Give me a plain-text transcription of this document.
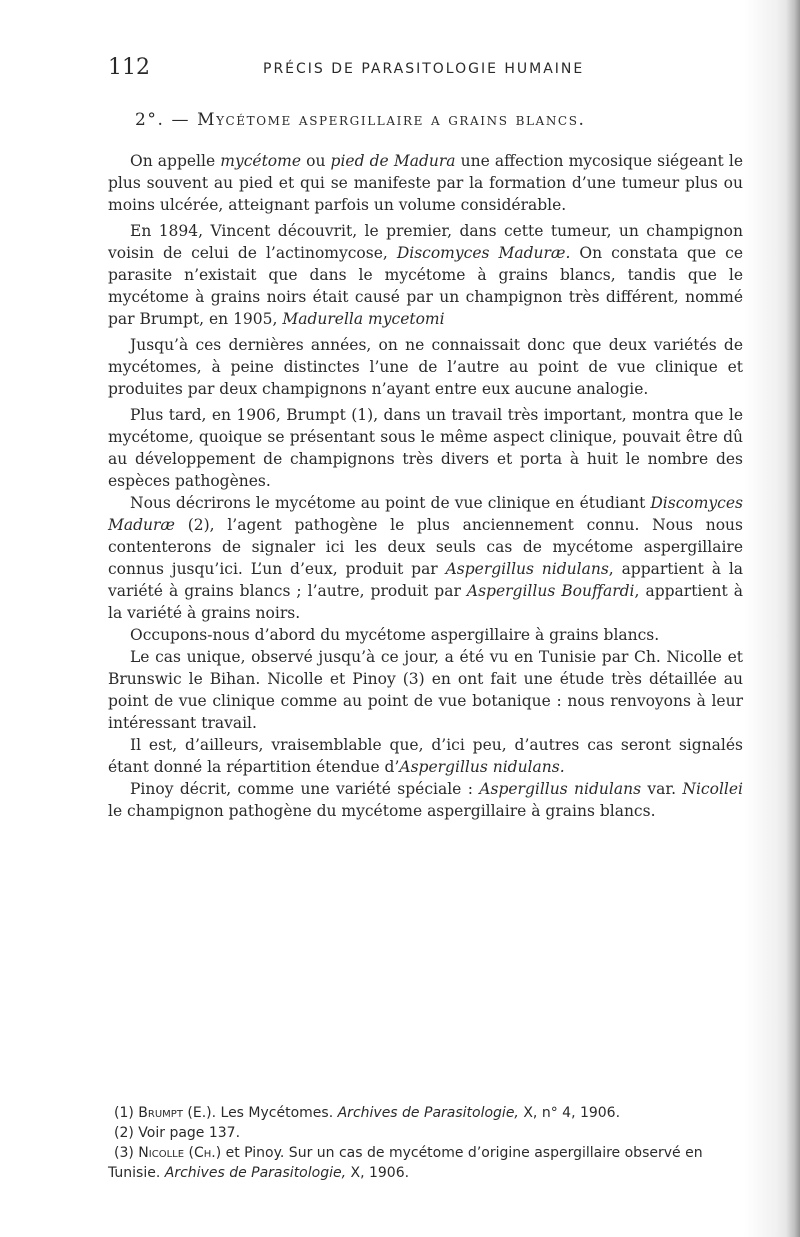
112	PRÉCIS DE PARASITOLOGIE HUMAINE
2°. — Mycétome aspergillaire a grains blancs.

On appelle mycétome ou pied de Madura une affection mycosique siégeant le plus souvent au pied et qui se manifeste par la formation d’une tumeur plus ou moins ulcérée, atteignant parfois un volume considérable.

En 1894, Vincent découvrit, le premier, dans cette tumeur, un champignon voisin de celui de l’actinomycose, Discomyces Maduræ. On constata que ce parasite n’existait que dans le mycétome à grains blancs, tandis que le mycétome à grains noirs était causé par un champignon très différent, nommé par Brumpt, en 1905, Madurella mycetomi

Jusqu’à ces dernières années, on ne connaissait donc que deux variétés de mycétomes, à peine distinctes l’une de l’autre au point de vue clinique et produites par deux champignons n’ayant entre eux aucune analogie.

Plus tard, en 1906, Brumpt (1), dans un travail très important, montra que le mycétome, quoique se présentant sous le même aspect clinique, pouvait être dû au développement de champignons très divers et porta à huit le nombre des espèces pathogènes.

Nous décrirons le mycétome au point de vue clinique en étudiant Discomyces Maduræ (2), l’agent pathogène le plus anciennement connu. Nous nous contenterons de signaler ici les deux seuls cas de mycétome aspergillaire connus jusqu’ici. L’un d’eux, produit par Aspergillus nidulans, appartient à la variété à grains blancs ; l’autre, produit par Aspergillus Bouffardi, appartient à la variété à grains noirs.

Occupons-nous d’abord du mycétome aspergillaire à grains blancs.

Le cas unique, observé jusqu’à ce jour, a été vu en Tunisie par Ch. Nicolle et Brunswic le Bihan. Nicolle et Pinoy (3) en ont fait une étude très détaillée au point de vue clinique comme au point de vue botanique : nous renvoyons à leur intéressant travail.

Il est, d’ailleurs, vraisemblable que, d’ici peu, d’autres cas seront signalés étant donné la répartition étendue d’Aspergillus nidulans.

Pinoy décrit, comme une variété spéciale : Aspergillus nidulans var. Nicollei le champignon pathogène du mycétome aspergillaire à grains blancs.

(1) Brumpt (E.). Les Mycétomes. Archives de Parasitologie, X, n° 4, 1906.

(2) Voir page 137.

(3) Nicolle (Ch.) et Pinoy. Sur un cas de mycétome d’origine aspergillaire observé en Tunisie. Archives de Parasitologie, X, 1906.
